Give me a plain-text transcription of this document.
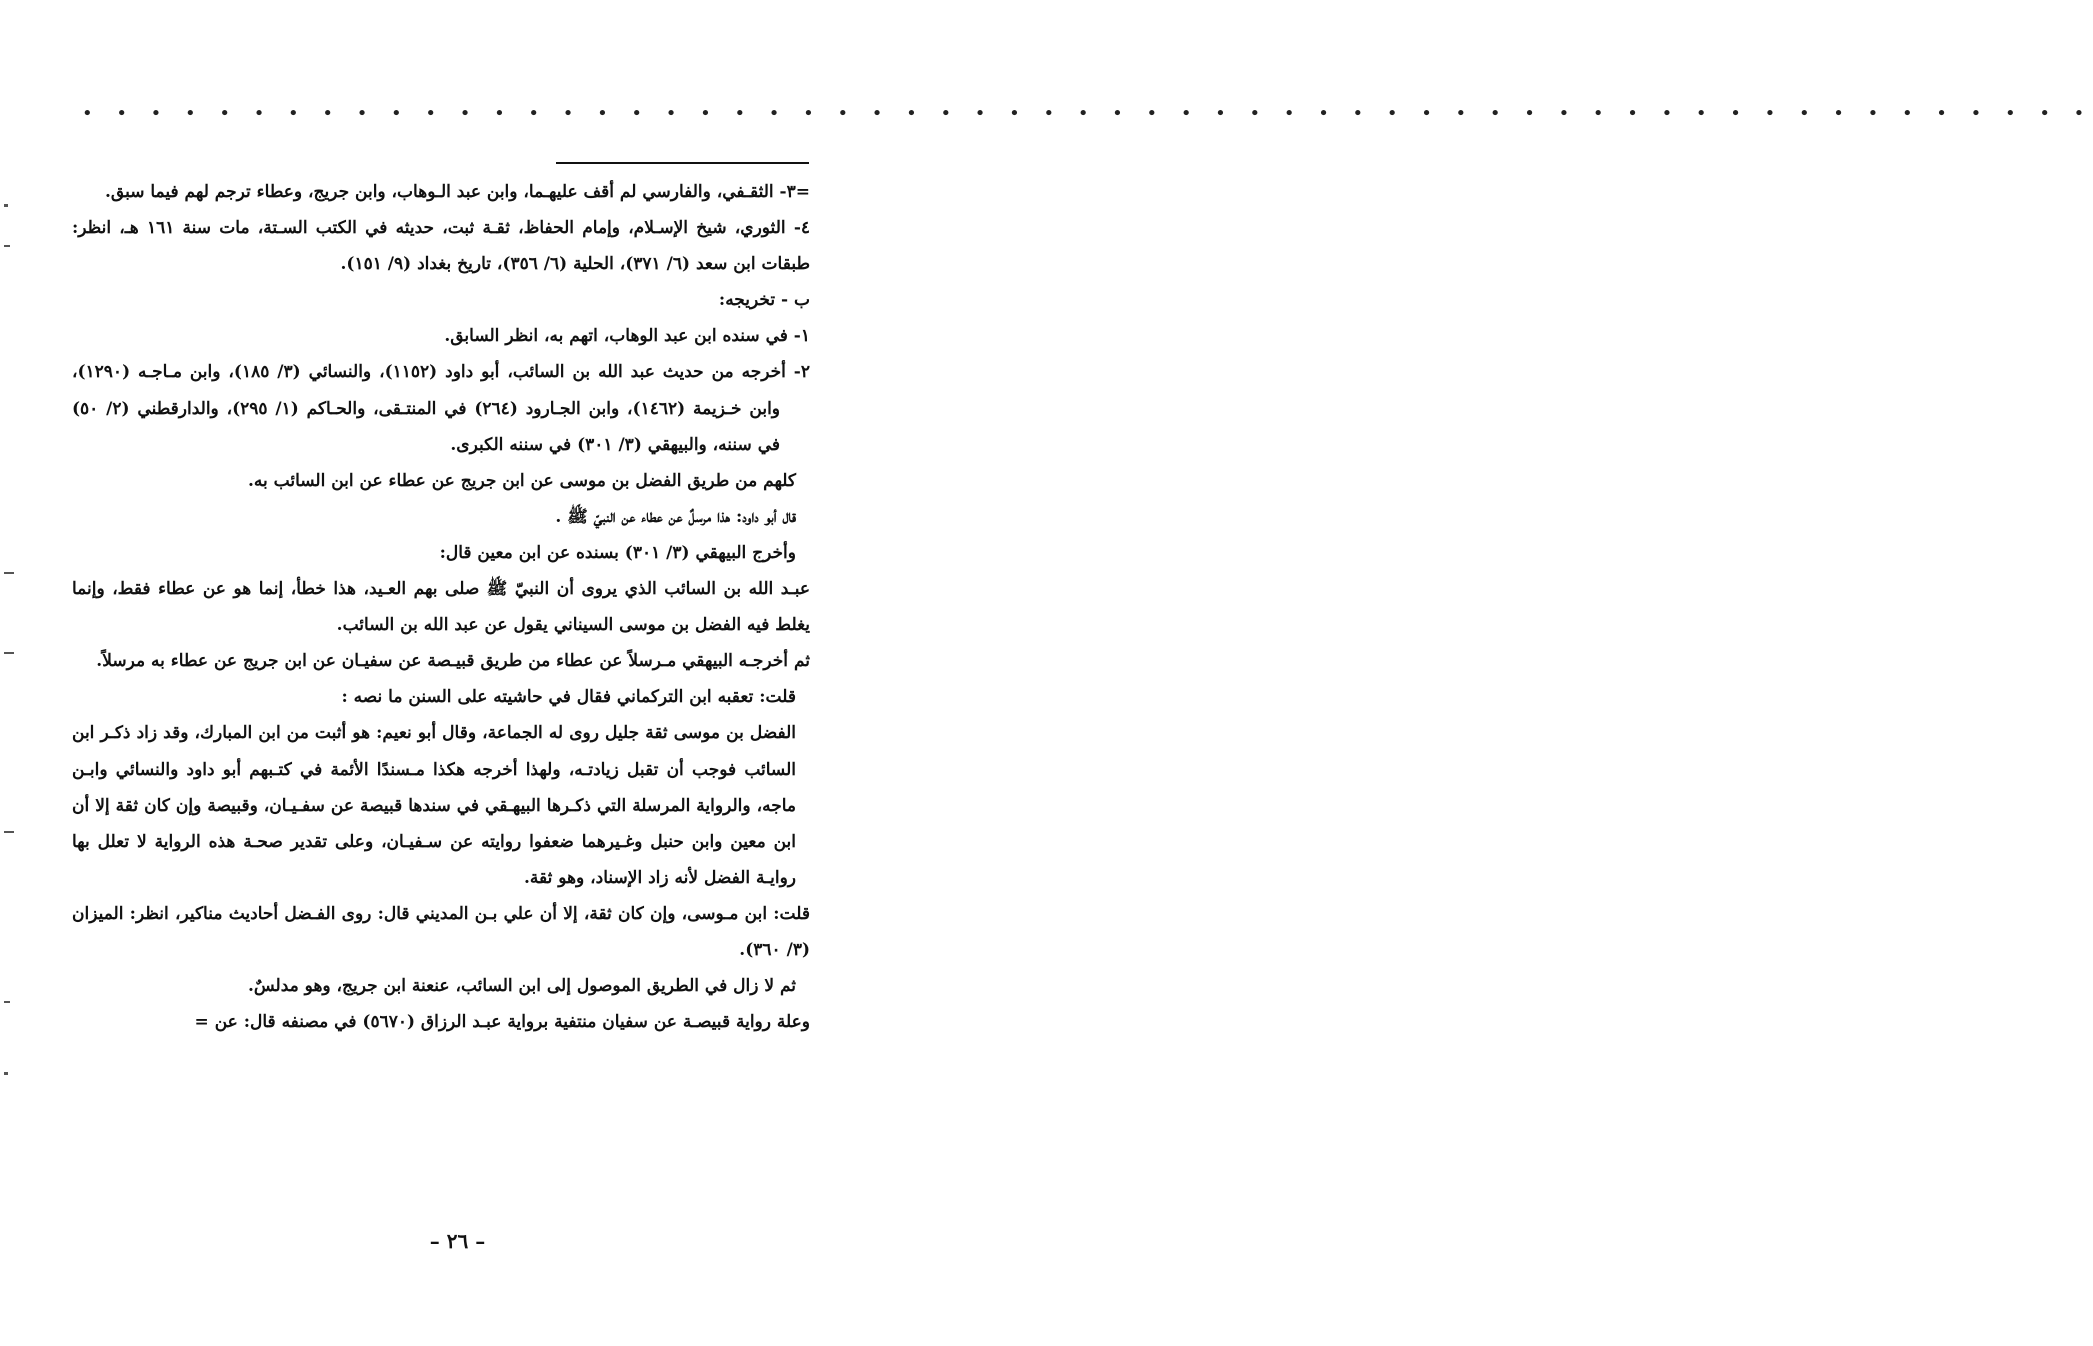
• • • • • • • • • • • • • • • • • • • • • • • • • • • • • • • • • • • • • • • • • • • • • • • • • • • • • • • • • • •

=٣- الثقـفي، والفارسي لم أقف عليهـما، وابن عبد الـوهاب، وابن جريج، وعطاء ترجم لهم فيما سبق.

٤- الثوري، شيخ الإسـلام، وإمام الحفاظ، ثقـة ثبت، حديثه في الكتب السـتة، مات سنة ١٦١ هـ، انظر: طبقات ابن سعد (٦/ ٣٧١)، الحلية (٦/ ٣٥٦)، تاريخ بغداد (٩/ ١٥١).

ب - تخريجه:

١- في سنده ابن عبد الوهاب، اتهم به، انظر السابق.

٢- أخرجه من حديث عبد الله بن السائب، أبو داود (١١٥٢)، والنسائي (٣/ ١٨٥)، وابن مـاجـه (١٢٩٠)، وابن خـزيمة (١٤٦٢)، وابن الجـارود (٢٦٤) في المنتـقى، والحـاكم (١/ ٢٩٥)، والدارقطني (٢/ ٥٠) في سننه، والبيهقي (٣/ ٣٠١) في سننه الكبرى.

كلهم من طريق الفضل بن موسى عن ابن جريج عن عطاء عن ابن السائب به.

قال أبو داود: هذا مرسلٌ عن عطاء عن النبيّ ﷺ .

وأخرج البيهقي (٣/ ٣٠١) بسنده عن ابن معين قال:

عبـد الله بن السائب الذي يروى أن النبيّ ﷺ صلى بهم العـيد، هذا خطأ، إنما هو عن عطاء فقط، وإنما يغلط فيه الفضل بن موسى السيناني يقول عن عبد الله بن السائب.

ثم أخرجـه البيهقي مـرسلاً عن عطاء من طريق قبيـصة عن سفيـان عن ابن جريج عن عطاء به مرسلاً.

قلت: تعقبه ابن التركماني فقال في حاشيته على السنن ما نصه :

الفضل بن موسى ثقة جليل روى له الجماعة، وقال أبو نعيم: هو أثبت من ابن المبارك، وقد زاد ذكـر ابن السائب فوجب أن تقبل زيادتـه، ولهذا أخرجه هكذا مـسندًا الأئمة في كتـبهم أبو داود والنسائي وابـن ماجه، والرواية المرسلة التي ذكـرها البيهـقي في سندها قبيصة عن سفـيـان، وقبيصة وإن كان ثقة إلا أن ابن معين وابن حنبل وغـيرهما ضعفوا روايته عن سـفيـان، وعلى تقدير صحـة هذه الرواية لا تعلل بها روايـة الفضل لأنه زاد الإسناد، وهو ثقة.

قلت: ابن مـوسى، وإن كان ثقة، إلا أن علي بـن المديني قال: روى الفـضل أحاديث مناكير، انظر: الميزان (٣/ ٣٦٠).

ثم لا زال في الطريق الموصول إلى ابن السائب، عنعنة ابن جريج، وهو مدلسٌ.

وعلة رواية قبيصـة عن سفيان منتفية برواية عبـد الرزاق (٥٦٧٠) في مصنفه قال: عن =

– ٢٦ –
